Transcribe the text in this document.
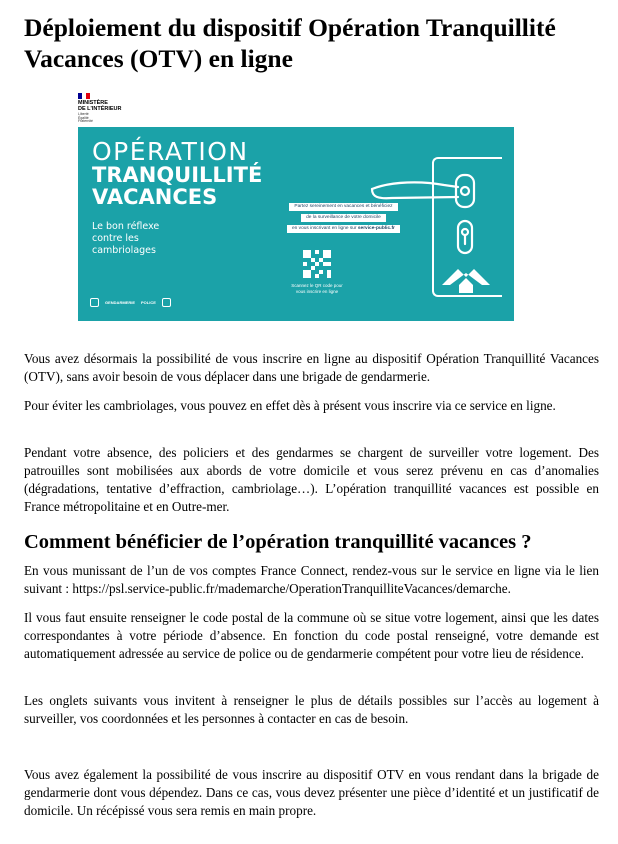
Déploiement du dispositif Opération Tranquillité Vacances (OTV) en ligne
MINISTÈRE
DE L'INTÉRIEUR
Liberté
Égalité
Fraternité
OPÉRATION
TRANQUILLITÉ
VACANCES
Le bon réflexe
contre les
cambriolages
GENDARMERIE POLICE
Partez sereinement en vacances et bénéficiez
de la surveillance de votre domicile
en vous inscrivant en ligne sur service-public.fr
Scannez le QR code pour
vous inscrire en ligne

Vous avez désormais la possibilité de vous inscrire en ligne au dispositif Opération Tranquillité Vacances (OTV), sans avoir besoin de vous déplacer dans une brigade de gendarmerie.

Pour éviter les cambriolages, vous pouvez en effet dès à présent vous inscrire via ce service en ligne.

Pendant votre absence, des policiers et des gendarmes se chargent de surveiller votre logement. Des patrouilles sont mobilisées aux abords de votre domicile et vous serez prévenu en cas d’anomalies (dégradations, tentative d’effraction, cambriolage…). L’opération tranquillité vacances est possible en France métropolitaine et en Outre-mer.

Comment bénéficier de l’opération tranquillité vacances ?

En vous munissant de l’un de vos comptes France Connect, rendez-vous sur le service en ligne via le lien suivant : https://psl.service-public.fr/mademarche/OperationTranquilliteVacances/demarche.

Il vous faut ensuite renseigner le code postal de la commune où se situe votre logement, ainsi que les dates correspondantes à votre période d’absence. En fonction du code postal renseigné, votre demande est automatiquement adressée au service de police ou de gendarmerie compétent pour votre lieu de résidence.

Les onglets suivants vous invitent à renseigner le plus de détails possibles sur l’accès au logement à surveiller, vos coordonnées et les personnes à contacter en cas de besoin.

Vous avez également la possibilité de vous inscrire au dispositif OTV en vous rendant dans la brigade de gendarmerie dont vous dépendez. Dans ce cas, vous devez présenter une pièce d’identité et un justificatif de domicile. Un récépissé vous sera remis en main propre.
